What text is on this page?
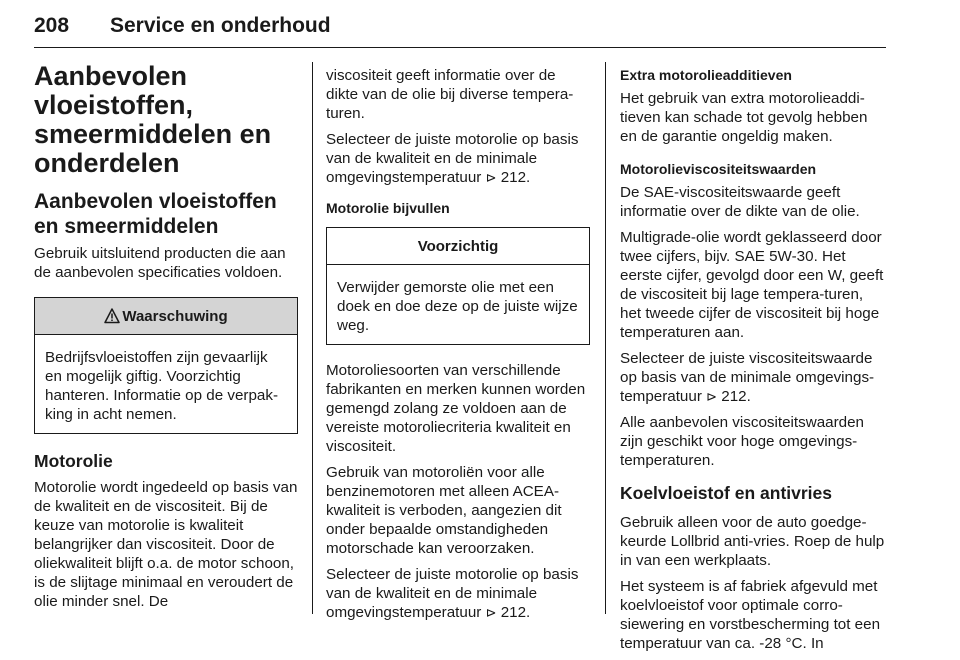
208 Service en onderhoud
Aanbevolen vloeistoffen, smeermiddelen en onderdelen
Aanbevolen vloeistoffen en smeermiddelen

Gebruik uitsluitend producten die aan de aanbevolen specificaties voldoen.

Waarschuwing
Bedrijfsvloeistoffen zijn gevaarlijk en mogelijk giftig. Voorzichtig hanteren. Informatie op de verpak-king in acht nemen.
Motorolie

Motorolie wordt ingedeeld op basis van de kwaliteit en de viscositeit. Bij de keuze van motorolie is kwaliteit belangrijker dan viscositeit. Door de oliekwaliteit blijft o.a. de motor schoon, is de slijtage minimaal en veroudert de olie minder snel. De

viscositeit geeft informatie over de dikte van de olie bij diverse tempera-turen.

Selecteer de juiste motorolie op basis van de kwaliteit en de minimale omgevingstemperatuur ⊳ 212.

Motorolie bijvullen
Voorzichtig
Verwijder gemorste olie met een doek en doe deze op de juiste wijze weg.

Motoroliesoorten van verschillende fabrikanten en merken kunnen worden gemengd zolang ze voldoen aan de vereiste motoroliecriteria kwaliteit en viscositeit.

Gebruik van motoroliën voor alle benzinemotoren met alleen ACEA-kwaliteit is verboden, aangezien dit onder bepaalde omstandigheden motorschade kan veroorzaken.

Selecteer de juiste motorolie op basis van de kwaliteit en de minimale omgevingstemperatuur ⊳ 212.

Extra motorolieadditieven

Het gebruik van extra motorolieaddi-tieven kan schade tot gevolg hebben en de garantie ongeldig maken.

Motorolieviscositeitswaarden

De SAE-viscositeitswaarde geeft informatie over de dikte van de olie.

Multigrade-olie wordt geklasseerd door twee cijfers, bijv. SAE 5W-30. Het eerste cijfer, gevolgd door een W, geeft de viscositeit bij lage tempera-turen, het tweede cijfer de viscositeit bij hoge temperaturen aan.

Selecteer de juiste viscositeitswaarde op basis van de minimale omgevings-temperatuur ⊳ 212.

Alle aanbevolen viscositeitswaarden zijn geschikt voor hoge omgevings-temperaturen.

Koelvloeistof en antivries

Gebruik alleen voor de auto goedge-keurde Lollbrid anti-vries. Roep de hulp in van een werkplaats.

Het systeem is af fabriek afgevuld met koelvloeistof voor optimale corro-siewering en vorstbescherming tot een temperatuur van ca. -28 °C. In
